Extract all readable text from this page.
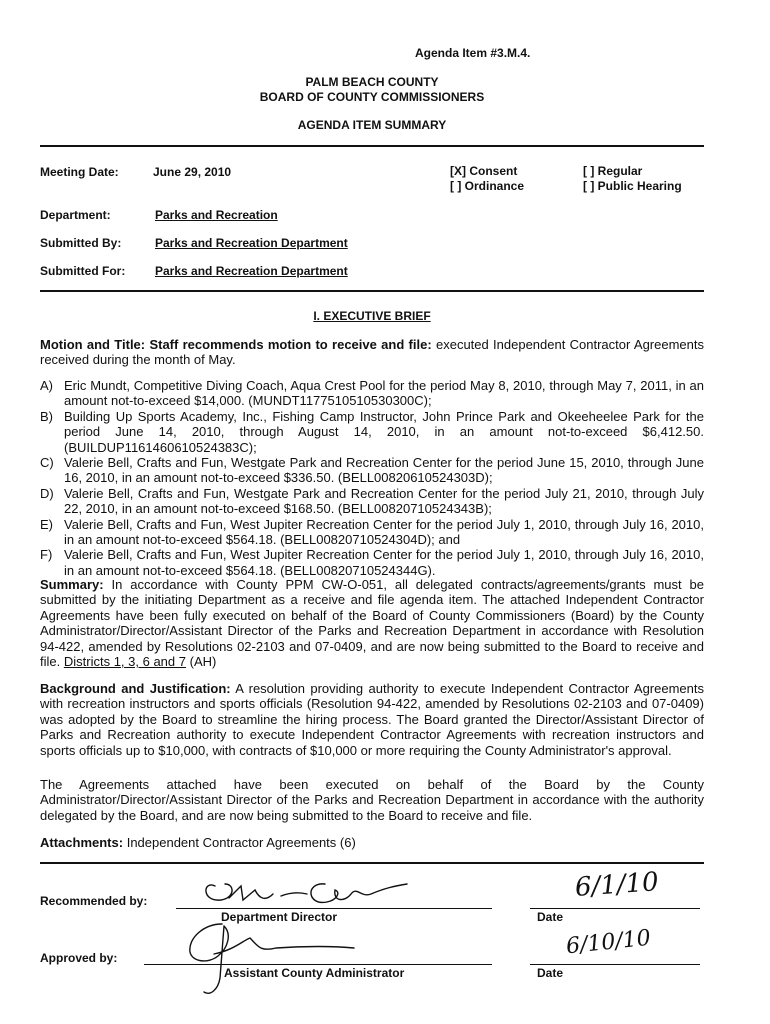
Agenda Item #3.M.4.
PALM BEACH COUNTY
BOARD OF COUNTY COMMISSIONERS
AGENDA ITEM SUMMARY
Meeting Date:	June 29, 2010	[X] Consent
[ ] Ordinance
[ ] Regular
[ ] Public Hearing
Department:	Parks and Recreation
Submitted By:	Parks and Recreation Department
Submitted For: Parks and Recreation Department
I. EXECUTIVE BRIEF
Motion and Title: Staff recommends motion to receive and file: executed Independent Contractor Agreements received during the month of May.
A) Eric Mundt, Competitive Diving Coach, Aqua Crest Pool for the period May 8, 2010, through May 7, 2011, in an amount not-to-exceed $14,000. (MUNDT1177510510530300C);
B) Building Up Sports Academy, Inc., Fishing Camp Instructor, John Prince Park and Okeeheelee Park for the period June 14, 2010, through August 14, 2010, in an amount not-to-exceed $6,412.50. (BUILDUP1161460610524383C);
C) Valerie Bell, Crafts and Fun, Westgate Park and Recreation Center for the period June 15, 2010, through June 16, 2010, in an amount not-to-exceed $336.50. (BELL00820610524303D);
D) Valerie Bell, Crafts and Fun, Westgate Park and Recreation Center for the period July 21, 2010, through July 22, 2010, in an amount not-to-exceed $168.50. (BELL00820710524343B);
E) Valerie Bell, Crafts and Fun, West Jupiter Recreation Center for the period July 1, 2010, through July 16, 2010, in an amount not-to-exceed $564.18. (BELL00820710524304D); and
F) Valerie Bell, Crafts and Fun, West Jupiter Recreation Center for the period July 1, 2010, through July 16, 2010, in an amount not-to-exceed $564.18. (BELL00820710524344G).
Summary: In accordance with County PPM CW-O-051, all delegated contracts/agreements/grants must be submitted by the initiating Department as a receive and file agenda item. The attached Independent Contractor Agreements have been fully executed on behalf of the Board of County Commissioners (Board) by the County Administrator/Director/Assistant Director of the Parks and Recreation Department in accordance with Resolution 94-422, amended by Resolutions 02-2103 and 07-0409, and are now being submitted to the Board to receive and file. Districts 1, 3, 6 and 7 (AH)
Background and Justification: A resolution providing authority to execute Independent Contractor Agreements with recreation instructors and sports officials (Resolution 94-422, amended by Resolutions 02-2103 and 07-0409) was adopted by the Board to streamline the hiring process. The Board granted the Director/Assistant Director of Parks and Recreation authority to execute Independent Contractor Agreements with recreation instructors and sports officials up to $10,000, with contracts of $10,000 or more requiring the County Administrator's approval.
The Agreements attached have been executed on behalf of the Board by the County Administrator/Director/Assistant Director of the Parks and Recreation Department in accordance with the authority delegated by the Board, and are now being submitted to the Board to receive and file.
Attachments: Independent Contractor Agreements (6)
Recommended by:
Department Director
6/1/10
Date
Approved by:
Assistant County Administrator
6/10/10
Date
